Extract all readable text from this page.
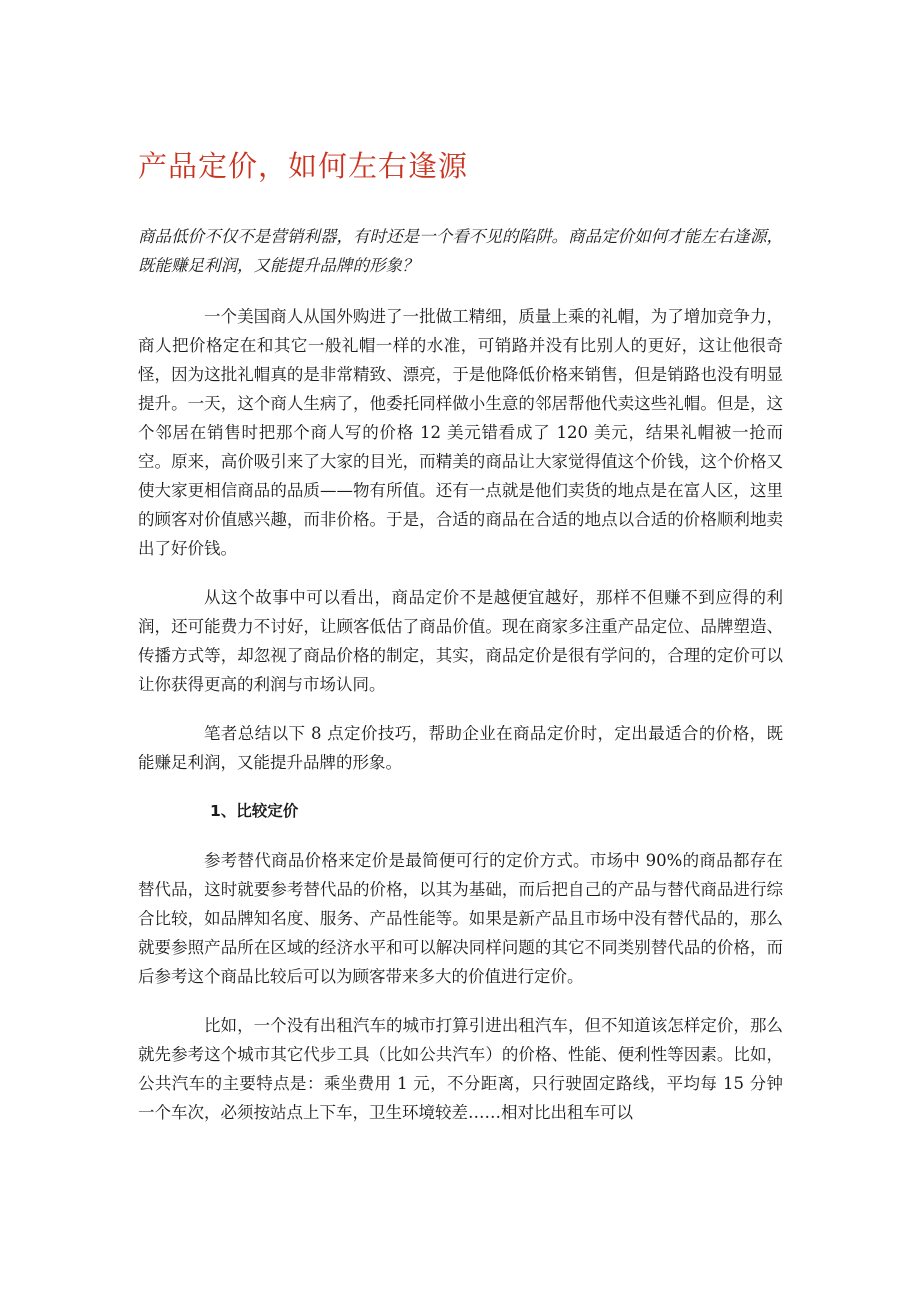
产品定价，如何左右逢源

商品低价不仅不是营销利器，有时还是一个看不见的陷阱。商品定价如何才能左右逢源，既能赚足利润，又能提升品牌的形象？

一个美国商人从国外购进了一批做工精细，质量上乘的礼帽，为了增加竞争力，商人把价格定在和其它一般礼帽一样的水准，可销路并没有比别人的更好，这让他很奇怪，因为这批礼帽真的是非常精致、漂亮，于是他降低价格来销售，但是销路也没有明显提升。一天，这个商人生病了，他委托同样做小生意的邻居帮他代卖这些礼帽。但是，这个邻居在销售时把那个商人写的价格 12 美元错看成了 120 美元，结果礼帽被一抢而空。原来，高价吸引来了大家的目光，而精美的商品让大家觉得值这个价钱，这个价格又使大家更相信商品的品质——物有所值。还有一点就是他们卖货的地点是在富人区，这里的顾客对价值感兴趣，而非价格。于是，合适的商品在合适的地点以合适的价格顺利地卖出了好价钱。

从这个故事中可以看出，商品定价不是越便宜越好，那样不但赚不到应得的利润，还可能费力不讨好，让顾客低估了商品价值。现在商家多注重产品定位、品牌塑造、传播方式等，却忽视了商品价格的制定，其实，商品定价是很有学问的，合理的定价可以让你获得更高的利润与市场认同。

笔者总结以下 8 点定价技巧，帮助企业在商品定价时，定出最适合的价格，既能赚足利润，又能提升品牌的形象。

1、比较定价

参考替代商品价格来定价是最简便可行的定价方式。市场中 90%的商品都存在替代品，这时就要参考替代品的价格，以其为基础，而后把自己的产品与替代商品进行综合比较，如品牌知名度、服务、产品性能等。如果是新产品且市场中没有替代品的，那么就要参照产品所在区域的经济水平和可以解决同样问题的其它不同类别替代品的价格，而后参考这个商品比较后可以为顾客带来多大的价值进行定价。

比如，一个没有出租汽车的城市打算引进出租汽车，但不知道该怎样定价，那么就先参考这个城市其它代步工具（比如公共汽车）的价格、性能、便利性等因素。比如，公共汽车的主要特点是：乘坐费用 1 元，不分距离，只行驶固定路线，平均每 15 分钟一个车次，必须按站点上下车，卫生环境较差……相对比出租车可以
